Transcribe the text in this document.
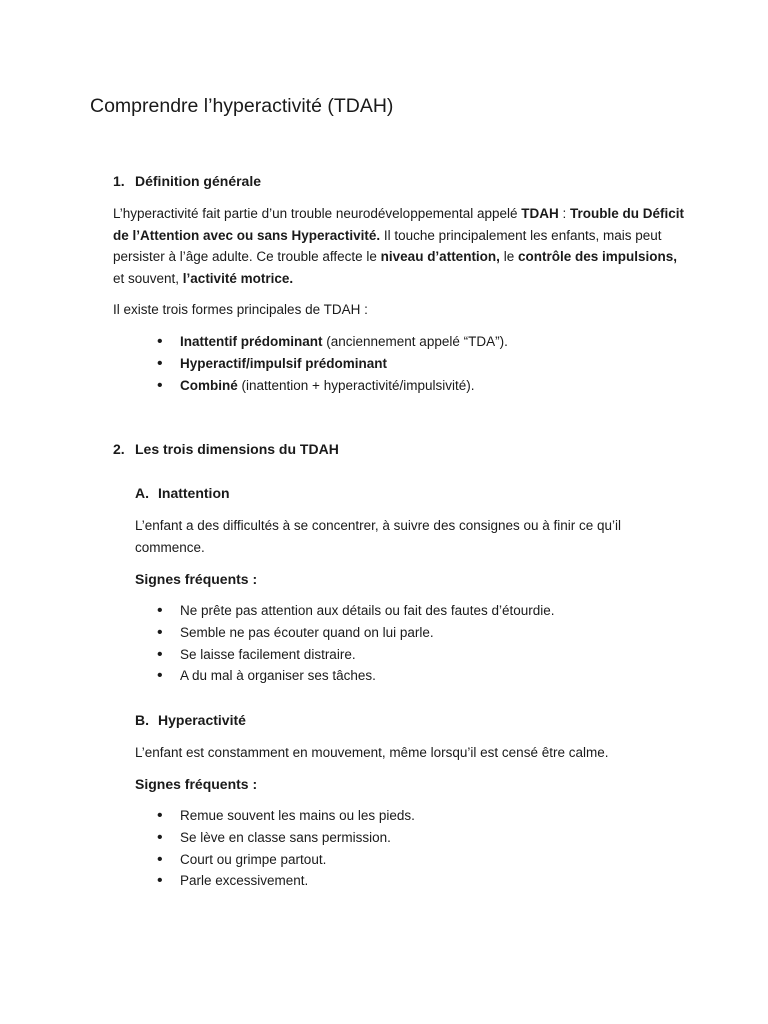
Comprendre l’hyperactivité (TDAH)
1. Définition générale

L’hyperactivité fait partie d’un trouble neurodéveloppemental appelé TDAH : Trouble du Déficit de l’Attention avec ou sans Hyperactivité. Il touche principalement les enfants, mais peut persister à l’âge adulte. Ce trouble affecte le niveau d’attention, le contrôle des impulsions, et souvent, l’activité motrice.

Il existe trois formes principales de TDAH :

• Inattentif prédominant (anciennement appelé “TDA”).
• Hyperactif/impulsif prédominant
• Combiné (inattention + hyperactivité/impulsivité).
2. Les trois dimensions du TDAH
A. Inattention

L’enfant a des difficultés à se concentrer, à suivre des consignes ou à finir ce qu’il commence.

Signes fréquents :
• Ne prête pas attention aux détails ou fait des fautes d’étourdie.
• Semble ne pas écouter quand on lui parle.
• Se laisse facilement distraire.
• A du mal à organiser ses tâches.
B. Hyperactivité

L’enfant est constamment en mouvement, même lorsqu’il est censé être calme.

Signes fréquents :
• Remue souvent les mains ou les pieds.
• Se lève en classe sans permission.
• Court ou grimpe partout.
• Parle excessivement.
